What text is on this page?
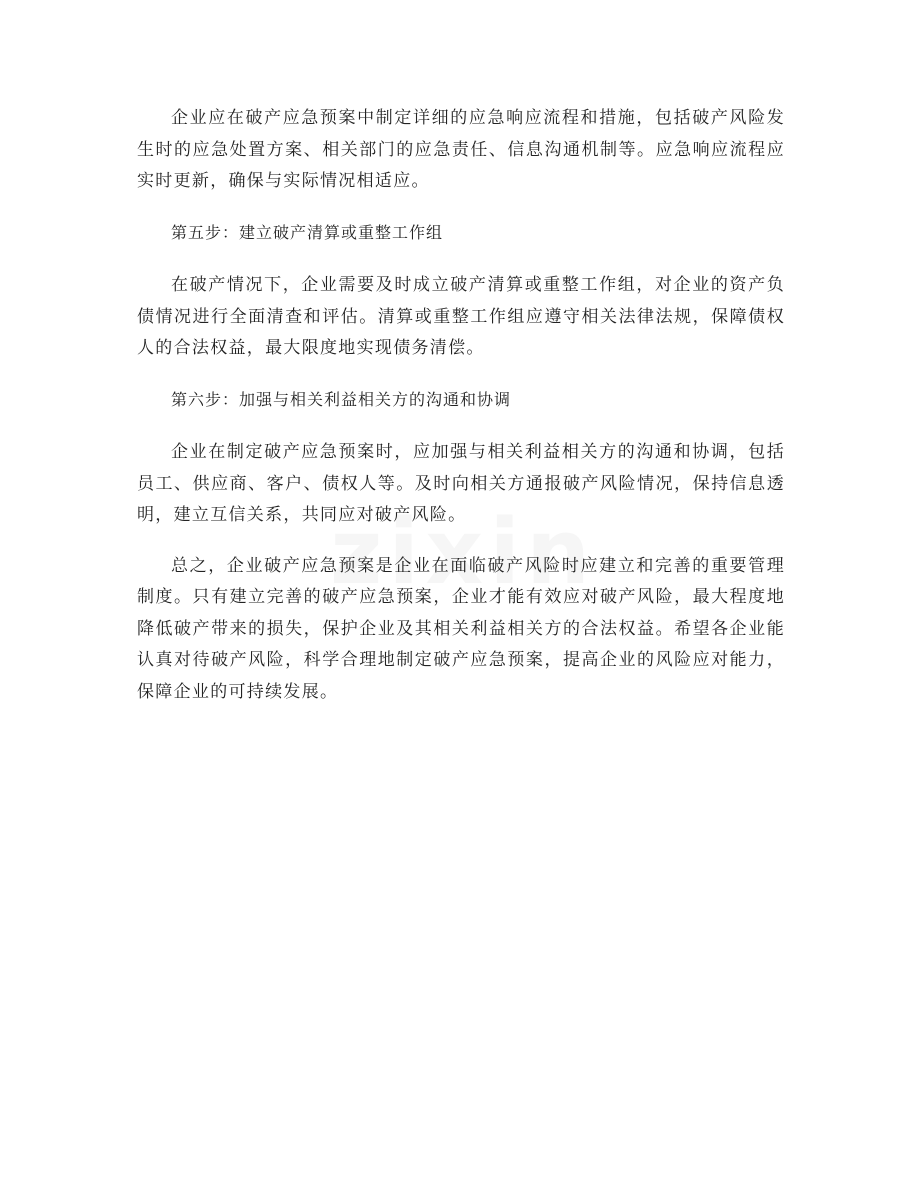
企业应在破产应急预案中制定详细的应急响应流程和措施，包括破产风险发生时的应急处置方案、相关部门的应急责任、信息沟通机制等。应急响应流程应实时更新，确保与实际情况相适应。

第五步：建立破产清算或重整工作组

在破产情况下，企业需要及时成立破产清算或重整工作组，对企业的资产负债情况进行全面清查和评估。清算或重整工作组应遵守相关法律法规，保障债权人的合法权益，最大限度地实现债务清偿。

第六步：加强与相关利益相关方的沟通和协调

企业在制定破产应急预案时，应加强与相关利益相关方的沟通和协调，包括员工、供应商、客户、债权人等。及时向相关方通报破产风险情况，保持信息透明，建立互信关系，共同应对破产风险。

总之，企业破产应急预案是企业在面临破产风险时应建立和完善的重要管理制度。只有建立完善的破产应急预案，企业才能有效应对破产风险，最大程度地降低破产带来的损失，保护企业及其相关利益相关方的合法权益。希望各企业能认真对待破产风险，科学合理地制定破产应急预案，提高企业的风险应对能力，保障企业的可持续发展。
